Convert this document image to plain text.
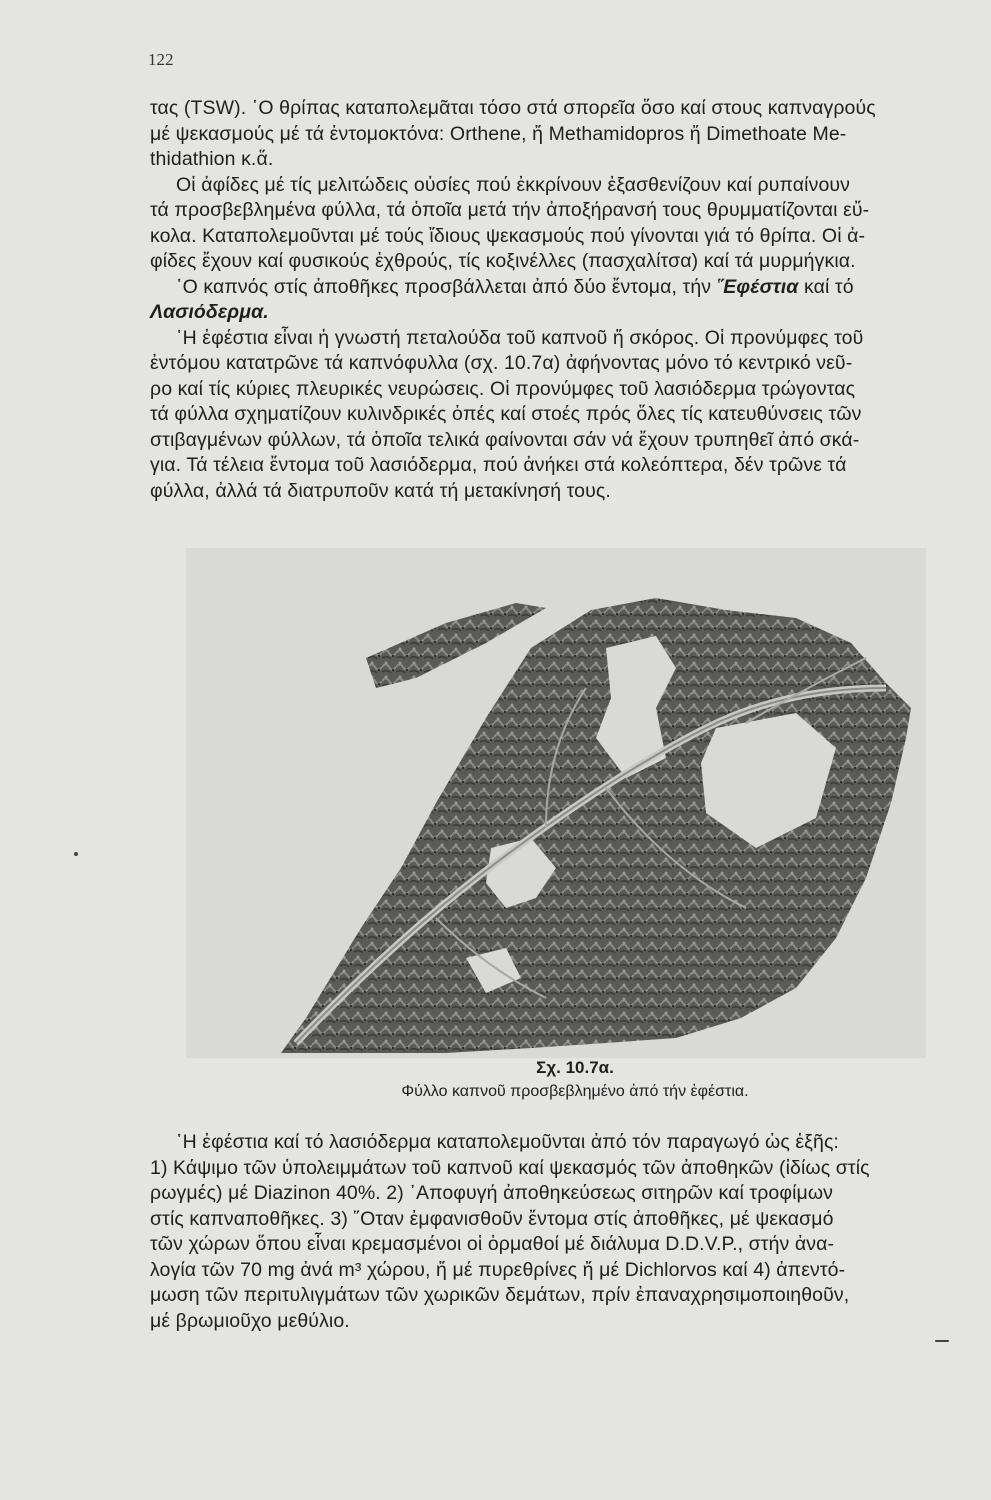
122
τας (TSW). ῾Ο θρίπας καταπολεμᾶται τόσο στά σπορεῖα ὅσο καί στους καπναγρούς
μέ ψεκασμούς μέ τά ἐντομοκτόνα: Orthene, ἤ Methamidopros ἤ Dimethoate Me-
thidathion κ.ἅ.
Οἱ ἀφίδες μέ τίς μελιτώδεις οὐσίες πού ἐκκρίνουν ἐξασθενίζουν καί ρυπαίνουν
τά προσβεβλημένα φύλλα, τά ὁποῖα μετά τήν ἀποξήρανσή τους θρυμματίζονται εὔ-
κολα. Καταπολεμοῦνται μέ τούς ἴδιους ψεκασμούς πού γίνονται γιά τό θρίπα. Οἱ ἀ-
φίδες ἔχουν καί φυσικούς ἐχθρούς, τίς κοξινέλλες (πασχαλίτσα) καί τά μυρμήγκια.
῾Ο καπνός στίς ἀποθῆκες προσβάλλεται ἀπό δύο ἔντομα, τήν ῞Εφέστια καί τό
Λασιόδερμα.
῾Η ἐφέστια εἶναι ἡ γνωστή πεταλούδα τοῦ καπνοῦ ἤ σκόρος. Οἱ προνύμφες τοῦ
ἐντόμου κατατρῶνε τά καπνόφυλλα (σχ. 10.7α) ἀφήνοντας μόνο τό κεντρικό νεῦ-
ρο καί τίς κύριες πλευρικές νευρώσεις. Οἱ προνύμφες τοῦ λασιόδερμα τρώγοντας
τά φύλλα σχηματίζουν κυλινδρικές ὀπές καί στοές πρός ὅλες τίς κατευθύνσεις τῶν
στιβαγμένων φύλλων, τά ὁποῖα τελικά φαίνονται σάν νά ἔχουν τρυπηθεῖ ἀπό σκά-
για. Τά τέλεια ἔντομα τοῦ λασιόδερμα, πού ἀνήκει στά κολεόπτερα, δέν τρῶνε τά
φύλλα, ἀλλά τά διατρυποῦν κατά τή μετακίνησή τους.
Σχ. 10.7α.
Φύλλο καπνοῦ προσβεβλημένο ἀπό τήν ἐφέστια.
῾Η ἐφέστια καί τό λασιόδερμα καταπολεμοῦνται ἀπό τόν παραγωγό ὡς ἑξῆς:
1) Κάψιμο τῶν ὑπολειμμάτων τοῦ καπνοῦ καί ψεκασμός τῶν ἀποθηκῶν (ἰδίως στίς
ρωγμές) μέ Diazinon 40%. 2) ᾿Αποφυγή ἀποθηκεύσεως σιτηρῶν καί τροφίμων
στίς καπναποθῆκες. 3) ῞Οταν ἐμφανισθοῦν ἔντομα στίς ἀποθῆκες, μέ ψεκασμό
τῶν χώρων ὅπου εἶναι κρεμασμένοι οἱ ὁρμαθοί μέ διάλυμα D.D.V.P., στήν ἀνα-
λογία τῶν 70 mg ἀνά m³ χώρου, ἤ μέ πυρεθρίνες ἤ μέ Dichlorvos καί 4) ἀπεντό-
μωση τῶν περιτυλιγμάτων τῶν χωρικῶν δεμάτων, πρίν ἐπαναχρησιμοποιηθοῦν,
μέ βρωμιοῦχο μεθύλιο.
